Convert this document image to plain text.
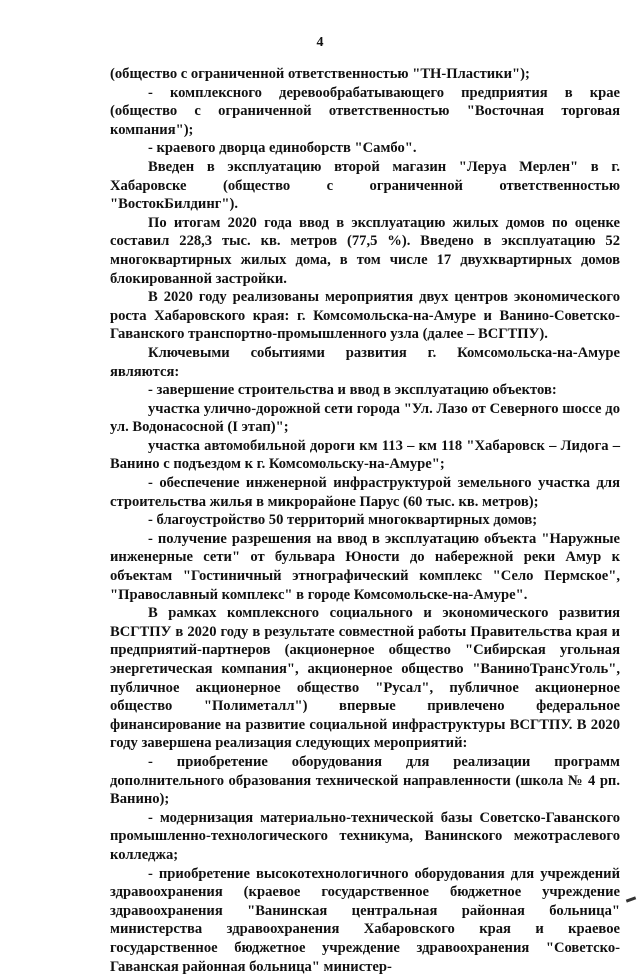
4

(общество с ограниченной ответственностью "ТН-Пластики");

- комплексного деревообрабатывающего предприятия в крае (общество с ограниченной ответственностью "Восточная торговая компания");

- краевого дворца единоборств "Самбо".

Введен в эксплуатацию второй магазин "Леруа Мерлен" в г. Хабаровске (общество с ограниченной ответственностью "ВостокБилдинг").

По итогам 2020 года ввод в эксплуатацию жилых домов по оценке составил 228,3 тыс. кв. метров (77,5 %). Введено в эксплуатацию 52 многоквартирных жилых дома, в том числе 17 двухквартирных домов блокированной застройки.

В 2020 году реализованы мероприятия двух центров экономического роста Хабаровского края: г. Комсомольска-на-Амуре и Ванино-Советско-Гаванского транспортно-промышленного узла (далее – ВСГТПУ).

Ключевыми событиями развития г. Комсомольска-на-Амуре являются:

- завершение строительства и ввод в эксплуатацию объектов:

участка улично-дорожной сети города "Ул. Лазо от Северного шоссе до ул. Водонасосной (I этап)";

участка автомобильной дороги км 113 – км 118 "Хабаровск – Лидога – Ванино с подъездом к г. Комсомольску-на-Амуре";

- обеспечение инженерной инфраструктурой земельного участка для строительства жилья в микрорайоне Парус (60 тыс. кв. метров);

- благоустройство 50 территорий многоквартирных домов;

- получение разрешения на ввод в эксплуатацию объекта "Наружные инженерные сети" от бульвара Юности до набережной реки Амур к объектам "Гостиничный этнографический комплекс "Село Пермское", "Православный комплекс" в городе Комсомольске-на-Амуре".

В рамках комплексного социального и экономического развития ВСГТПУ в 2020 году в результате совместной работы Правительства края и предприятий-партнеров (акционерное общество "Сибирская угольная энергетическая компания", акционерное общество "ВаниноТрансУголь", публичное акционерное общество "Русал", публичное акционерное общество "Полиметалл") впервые привлечено федеральное финансирование на развитие социальной инфраструктуры ВСГТПУ. В 2020 году завершена реализация следующих мероприятий:

- приобретение оборудования для реализации программ дополнительного образования технической направленности (школа № 4 рп. Ванино);

- модернизация материально-технической базы Советско-Гаванского промышленно-технологического техникума, Ванинского межотраслевого колледжа;

- приобретение высокотехнологичного оборудования для учреждений здравоохранения (краевое государственное бюджетное учреждение здравоохранения "Ванинская центральная районная больница" министерства здравоохранения Хабаровского края и краевое государственное бюджетное учреждение здравоохранения "Советско-Гаванская районная больница" министер-
